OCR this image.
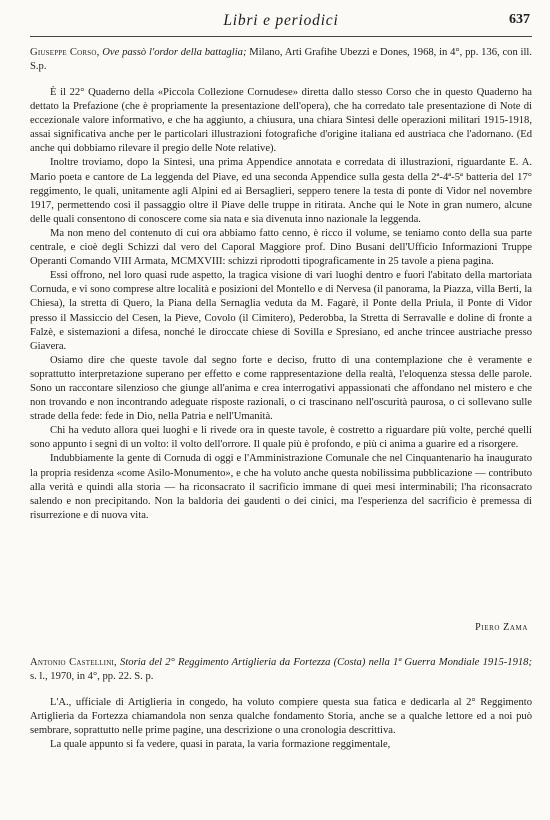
Libri e periodici	637
Giuseppe Corso, Ove passò l'ordor della battaglia; Milano, Arti Grafihe Ubezzi e Dones, 1968, in 4°, pp. 136, con ill. S.p.

È il 22° Quaderno della «Piccola Collezione Cornudese» diretta dallo stesso Corso che in questo Quaderno ha dettato la Prefazione (che è propriamente la presentazione dell'opera), che ha corredato tale presentazione di Note di eccezionale valore informativo, e che ha aggiunto, a chiusura, una chiara Sintesi delle operazioni militari 1915-1918, assai significativa anche per le particolari illustrazioni fotografiche d'origine italiana ed austriaca che l'adornano. (Ed anche qui dobbiamo rilevare il pregio delle Note relative).

Inoltre troviamo, dopo la Sintesi, una prima Appendice annotata e corredata di illustrazioni, riguardante E. A. Mario poeta e cantore de La leggenda del Piave, ed una seconda Appendice sulla gesta della 2ª-4ª-5ª batteria del 17° reggimento, le quali, unitamente agli Alpini ed ai Bersaglieri, seppero tenere la testa di ponte di Vidor nel novembre 1917, permettendo così il passaggio oltre il Piave delle truppe in ritirata. Anche qui le Note in gran numero, alcune delle quali consentono di conoscere come sia nata e sia divenuta inno nazionale la leggenda.

Ma non meno del contenuto di cui ora abbiamo fatto cenno, è ricco il volume, se teniamo conto della sua parte centrale, e cioè degli Schizzi dal vero del Caporal Maggiore prof. Dino Busani dell'Ufficio Informazioni Truppe Operanti Comando VIII Armata, MCMXVIII: schizzi riprodotti tipograficamente in 25 tavole a piena pagina.

Essi offrono, nel loro quasi rude aspetto, la tragica visione di vari luoghi dentro e fuori l'abitato della martoriata Cornuda, e vi sono comprese altre località e posizioni del Montello e di Nervesa (il panorama, la Piazza, villa Berti, la Chiesa), la stretta di Quero, la Piana della Sernaglia veduta da M. Fagarè, il Ponte della Priula, il Ponte di Vidor presso il Massiccio del Cesen, la Pieve, Covolo (il Cimitero), Pederobba, la Stretta di Serravalle e doline di fronte a Falzè, e sistemazioni a difesa, nonché le diroccate chiese di Sovilla e Spresiano, ed anche trincee austriache presso Giavera.

Osiamo dire che queste tavole dal segno forte e deciso, frutto di una contemplazione che è veramente e soprattutto interpretazione superano per effetto e come rappresentazione della realtà, l'eloquenza stessa delle parole. Sono un raccontare silenzioso che giunge all'anima e crea interrogativi appassionati che affondano nel mistero e che non trovando e non incontrando adeguate risposte razionali, o ci trascinano nell'oscurità paurosa, o ci sollevano sulle strade della fede: fede in Dio, nella Patria e nell'Umanità.

Chi ha veduto allora quei luoghi e li rivede ora in queste tavole, è costretto a riguardare più volte, perché quelli sono appunto i segni di un volto: il volto dell'orrore. Il quale più è profondo, e più ci anima a guarire ed a risorgere.

Indubbiamente la gente di Cornuda di oggi e l'Amministrazione Comunale che nel Cinquantenario ha inaugurato la propria residenza «come Asilo-Monumento», e che ha voluto anche questa nobilissima pubblicazione — contributo alla verità e quindi alla storia — ha riconsacrato il sacrificio immane di quei mesi interminabili; l'ha riconsacrato salendo e non precipitando. Non la baldoria dei gaudenti o dei cinici, ma l'esperienza del sacrificio è premessa di risurrezione e di nuova vita.

Piero Zama
Antonio Castellini, Storia del 2° Reggimento Artiglieria da Fortezza (Costa) nella 1ª Guerra Mondiale 1915-1918; s. l., 1970, in 4°, pp. 22. S. p.

L'A., ufficiale di Artiglieria in congedo, ha voluto compiere questa sua fatica e dedicarla al 2° Reggimento Artiglieria da Fortezza chiamandola non senza qualche fondamento Storia, anche se a qualche lettore ed a noi può sembrare, soprattutto nelle prime pagine, una descrizione o una cronologia descrittiva.

La quale appunto si fa vedere, quasi in parata, la varia formazione reggimentale,
